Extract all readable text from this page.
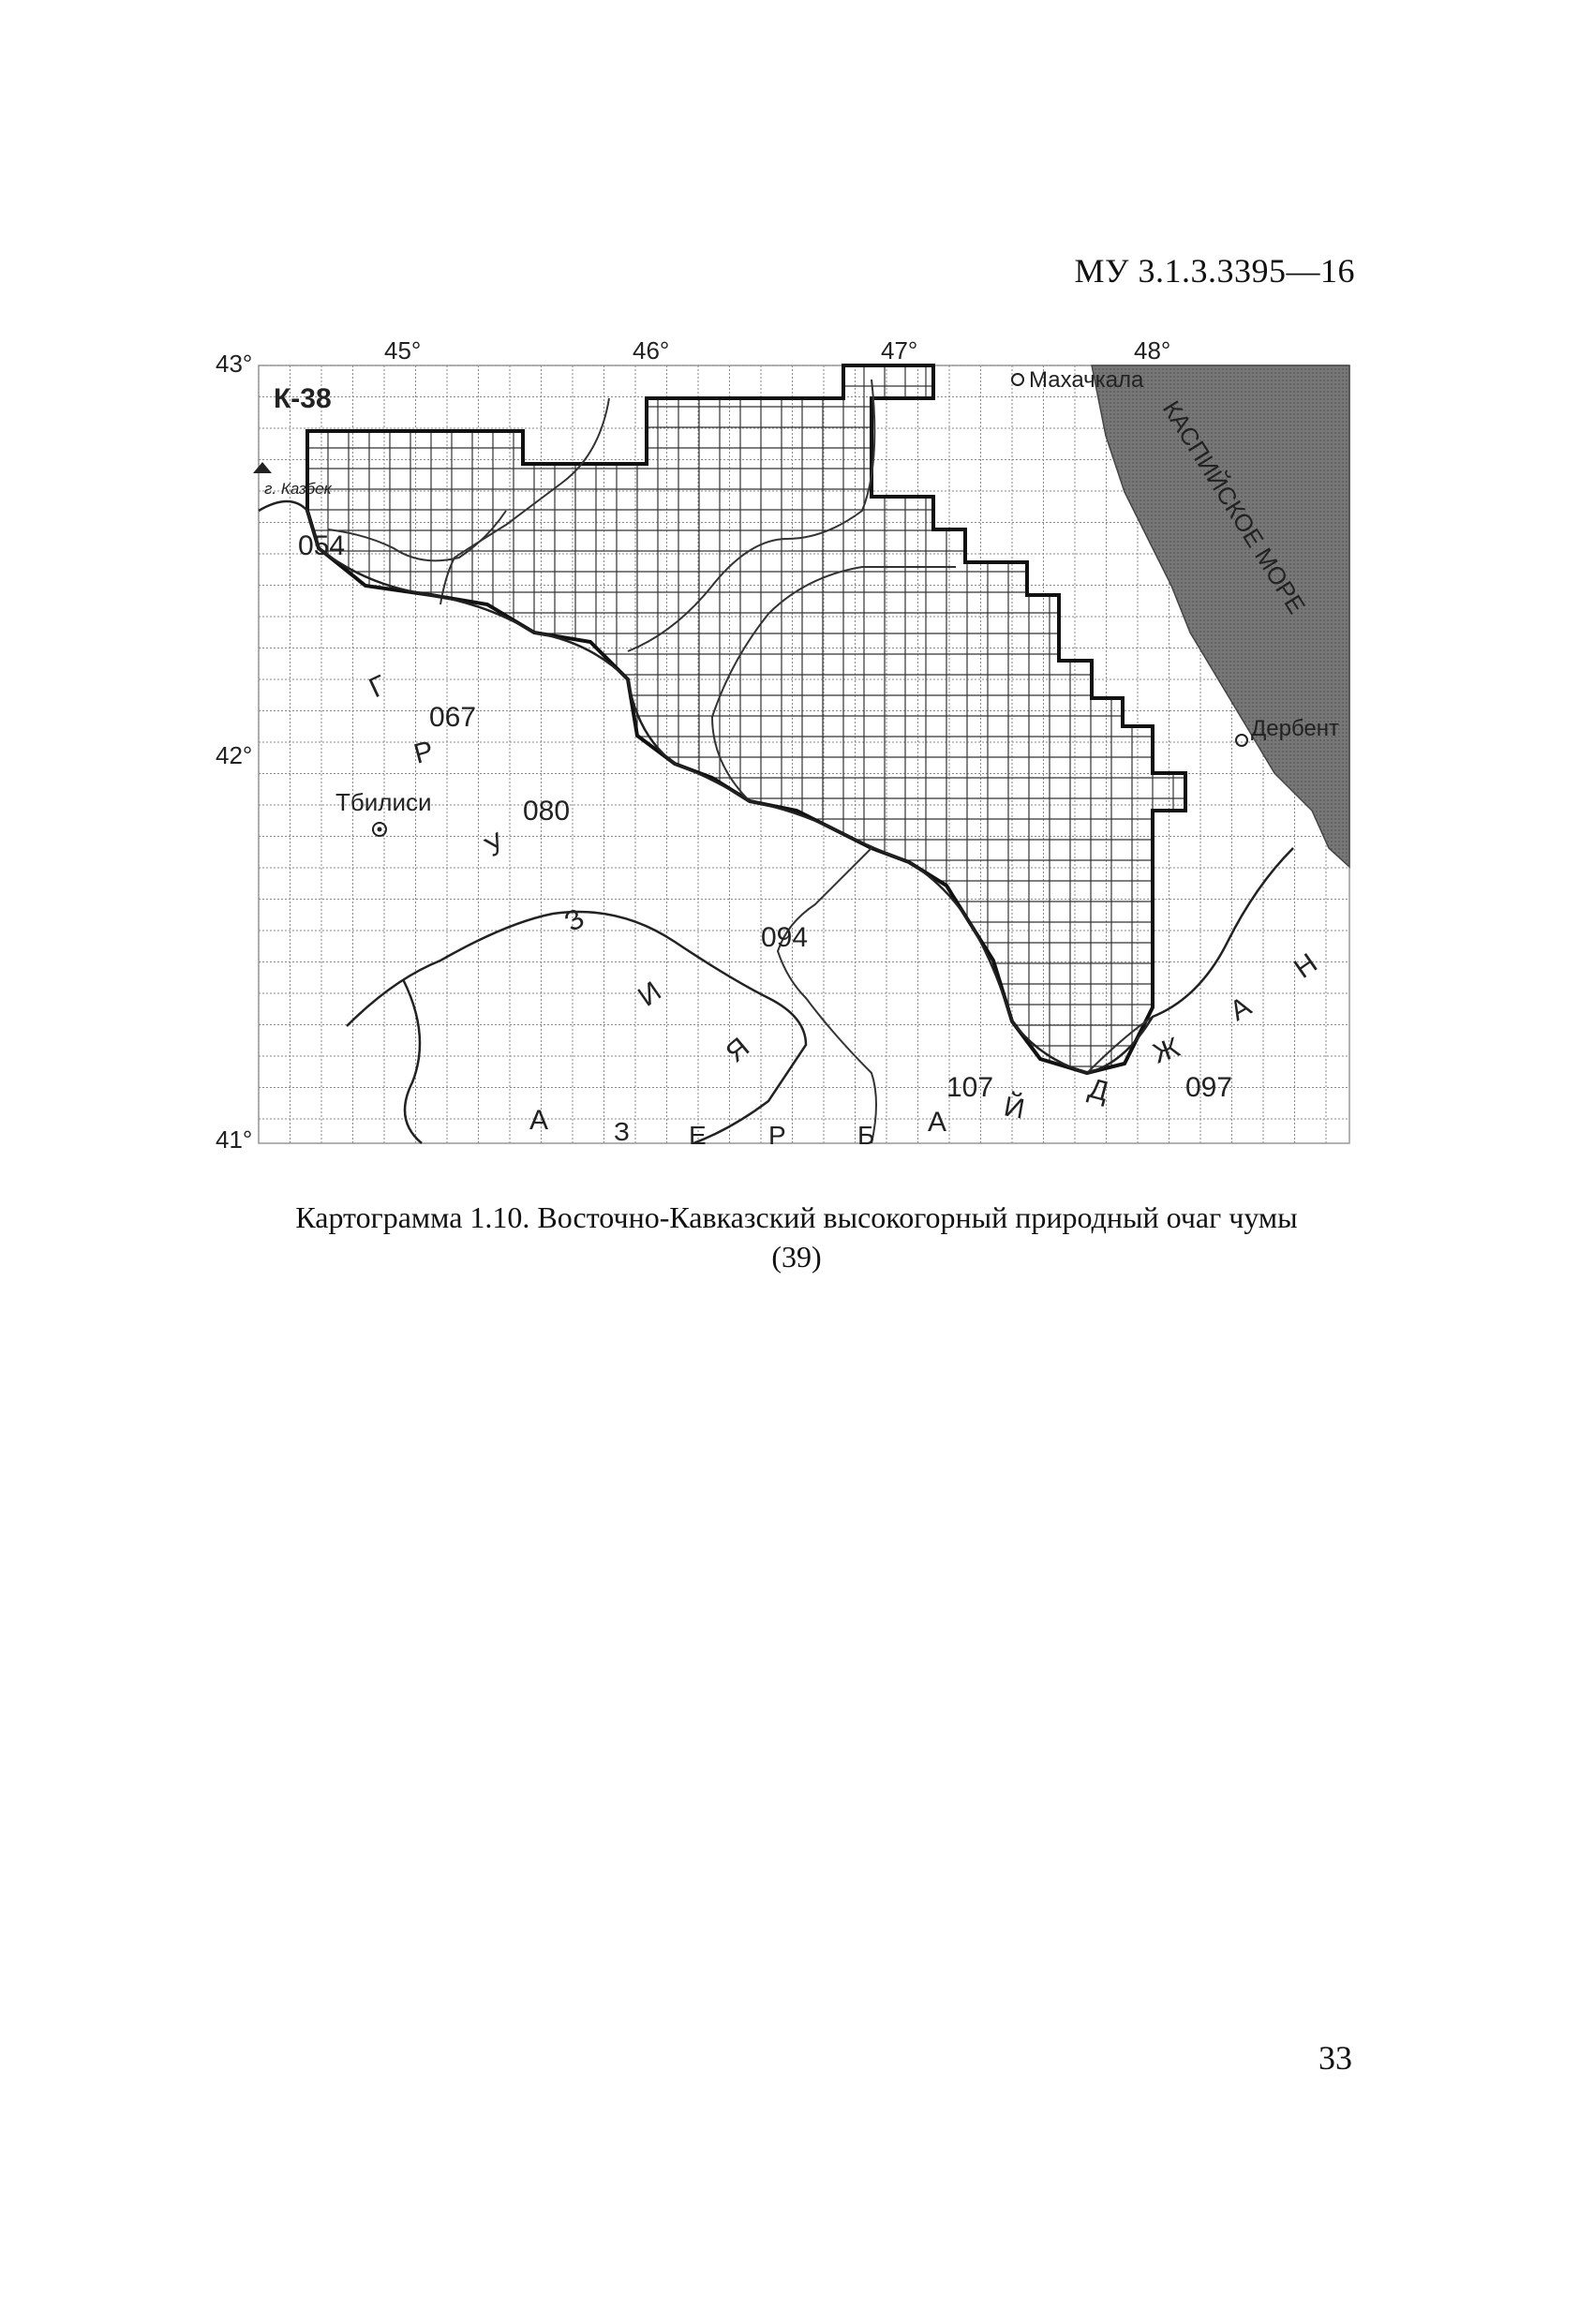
МУ 3.1.3.3395—16
К-38
45°	46°	47°	48°
43°
42°
41°
Махачкала
Дербент
Тбилиси
г. Казбек	КАСПИЙСКОЕ МОРЕ
054
067
080
094
107	097
Г
Р
У
З
И
Я
А З Е Р	Б А Й
Д
Ж
А
Н
Картограмма 1.10. Восточно-Кавказский высокогорный природный очаг чумы
(39)
33
